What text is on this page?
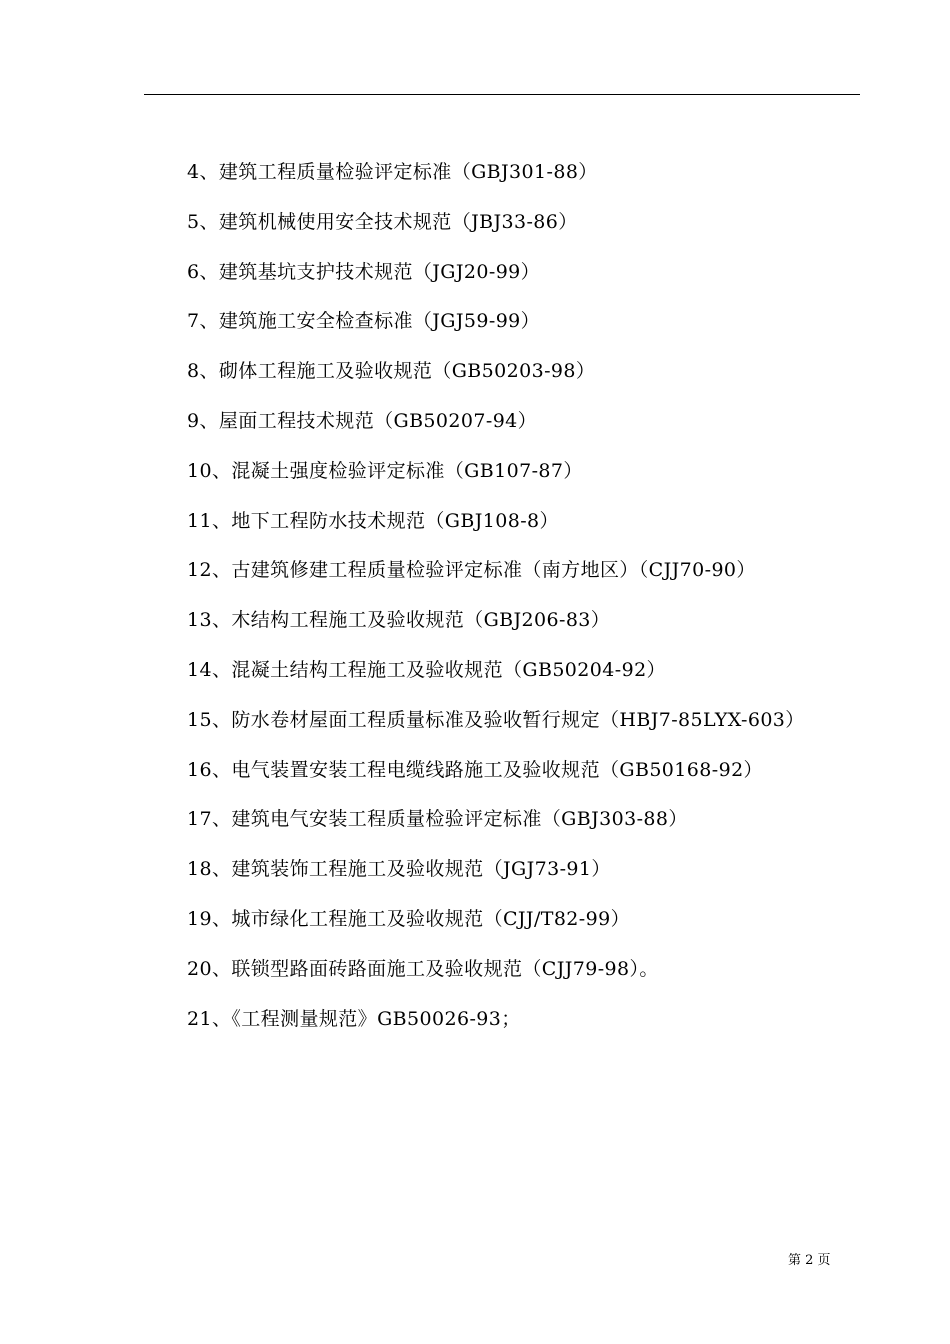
4、建筑工程质量检验评定标准（GBJ301-88）
5、建筑机械使用安全技术规范（JBJ33-86）
6、建筑基坑支护技术规范（JGJ20-99）
7、建筑施工安全检查标准（JGJ59-99）
8、砌体工程施工及验收规范（GB50203-98）
9、屋面工程技术规范（GB50207-94）
10、混凝土强度检验评定标准（GB107-87）
11、地下工程防水技术规范（GBJ108-8）
12、古建筑修建工程质量检验评定标准（南方地区）（CJJ70-90）
13、木结构工程施工及验收规范（GBJ206-83）
14、混凝土结构工程施工及验收规范（GB50204-92）
15、防水卷材屋面工程质量标准及验收暂行规定（HBJ7-85LYX-603）
16、电气装置安装工程电缆线路施工及验收规范（GB50168-92）
17、建筑电气安装工程质量检验评定标准（GBJ303-88）
18、建筑装饰工程施工及验收规范（JGJ73-91）
19、城市绿化工程施工及验收规范（CJJ/T82-99）
20、联锁型路面砖路面施工及验收规范（CJJ79-98）。
21、《工程测量规范》GB50026-93；
第 2 页
